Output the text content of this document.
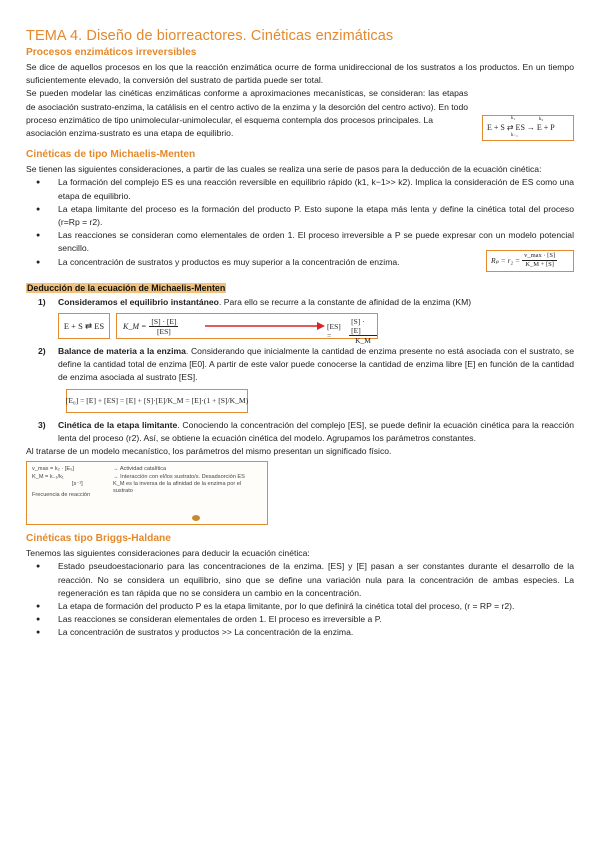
TEMA 4. Diseño de biorreactores. Cinéticas enzimáticas
Procesos enzimáticos irreversibles

Se dice de aquellos procesos en los que la reacción enzimática ocurre de forma unidireccional de los sustratos a los productos. En un tiempo suficientemente elevado, la conversión del sustrato de partida puede ser total.

Se pueden modelar las cinéticas enzimáticas conforme a aproximaciones mecanísticas, se consideran: las etapas de asociación sustrato-enzima, la catálisis en el centro activo de la enzima y la desorción del centro activo). En todo proceso enzimático de tipo unimolecular-unimolecular, el esquema contempla dos procesos principales. La

asociación enzima-sustrato es una etapa de equilibrio.

k₁	k₂
E + S ⇄ ES → E + P
k₋₁
Cinéticas de tipo Michaelis-Menten

Se tienen las siguientes consideraciones, a partir de las cuales se realiza una serie de pasos para la deducción de la ecuación cinética:

● La formación del complejo ES es una reacción reversible en equilibrio rápido (k1, k−1>> k2). Implica la consideración de ES como una etapa de equilibrio.
● La etapa limitante del proceso es la formación del producto P. Esto supone la etapa más lenta y define la cinética total del proceso (r=Rp = r2).
● Las reacciones se consideran como elementales de orden 1. El proceso irreversible a P se puede expresar con un modelo potencial sencillo.
● La concentración de sustratos y productos es muy superior a la concentración de enzima.	$R_p = r_2 = \frac{v\_\max \cdot [S]}{K\_M + [S]}$
Deducción de la ecuación de Michaelis-Menten
1) Consideramos el equilibrio instantáneo. Para ello se recurre a la constante de afinidad de la enzima (KM)
E + S ⇄ ES K_M = $\frac{[S] \cdot [E]}{[ES]}$	[ES] =	$\frac{[S] \cdot [E]}{K\_M}$
2) Balance de materia a la enzima. Considerando que inicialmente la cantidad de enzima presente no está asociada con el sustrato, se define la cantidad total de enzima [E0]. A partir de este valor puede conocerse la cantidad de enzima libre [E] en función de la cantidad de enzima asociada al sustrato [ES].
[E₀] = [E] + [ES] = [E] + [S]·[E]/K_M = [E]·(1 + [S]/K_M)
3) Cinética de la etapa limitante. Conociendo la concentración del complejo [ES], se puede definir la ecuación cinética para la reacción lenta del proceso (r2). Así, se obtiene la ecuación cinética del modelo. Agrupamos los parámetros constantes.

Al tratarse de un modelo mecanístico, los parámetros del mismo presentan un significado físico.

v_max = k₂ · [E₀]
K_M = k₋₁/k₁
[s⁻¹]
Frecuencia de reacción
→ Actividad catalítica
→ Interacción con el/los sustrato/s. Desadsorción ES
K_M es la inversa de la afinidad de la enzima por el sustrato
Cinéticas tipo Briggs-Haldane

Tenemos las siguientes consideraciones para deducir la ecuación cinética:

● Estado pseudoestacionario para las concentraciones de la enzima. [ES] y [E] pasan a ser constantes durante el desarrollo de la reacción. No se considera un equilibrio, sino que se define una variación nula para la concentración de ambas especies. La regeneración es tan rápida que no se considera un cambio en la concentración.
● La etapa de formación del producto P es la etapa limitante, por lo que definirá la cinética total del proceso, (r = RP = r2).
● Las reacciones se consideran elementales de orden 1. El proceso es irreversible a P.
● La concentración de sustratos y productos >> La concentración de la enzima.
